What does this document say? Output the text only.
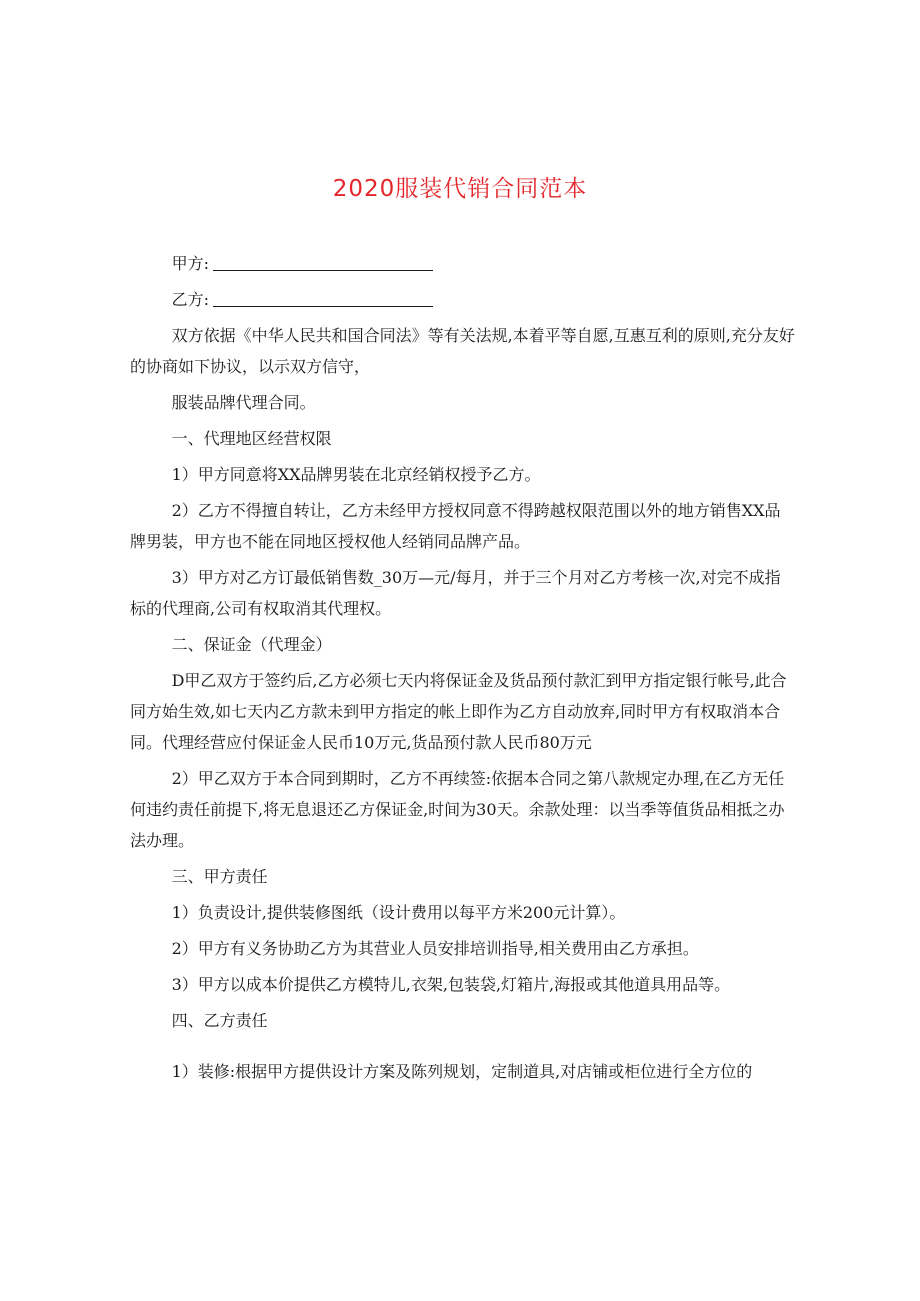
2020服装代销合同范本

甲方:

乙方:

双方依据《中华人民共和国合同法》等有关法规,本着平等自愿,互惠互利的原则,充分友好的协商如下协议，以示双方信守，

服装品牌代理合同。

一、代理地区经营权限

1）甲方同意将XX品牌男装在北京经销权授予乙方。

2）乙方不得擅自转让，乙方未经甲方授权同意不得跨越权限范围以外的地方销售XX品牌男装，甲方也不能在同地区授权他人经销同品牌产品。

3）甲方对乙方订最低销售数_30万—元/每月，并于三个月对乙方考核一次,对完不成指标的代理商,公司有权取消其代理权。

二、保证金（代理金）

D甲乙双方于签约后,乙方必须七天内将保证金及货品预付款汇到甲方指定银行帐号,此合同方始生效,如七天内乙方款未到甲方指定的帐上即作为乙方自动放弃,同时甲方有权取消本合同。代理经营应付保证金人民币10万元,货品预付款人民币80万元

2）甲乙双方于本合同到期时，乙方不再续签:依据本合同之第八款规定办理,在乙方无任何违约责任前提下,将无息退还乙方保证金,时间为30天。余款处理：以当季等值货品相抵之办法办理。

三、甲方责任

1）负责设计,提供装修图纸（设计费用以每平方米200元计算）。

2）甲方有义务协助乙方为其营业人员安排培训指导,相关费用由乙方承担。

3）甲方以成本价提供乙方模特儿,衣架,包装袋,灯箱片,海报或其他道具用品等。

四、乙方责任

1）装修:根据甲方提供设计方案及陈列规划，定制道具,对店铺或柜位进行全方位的
